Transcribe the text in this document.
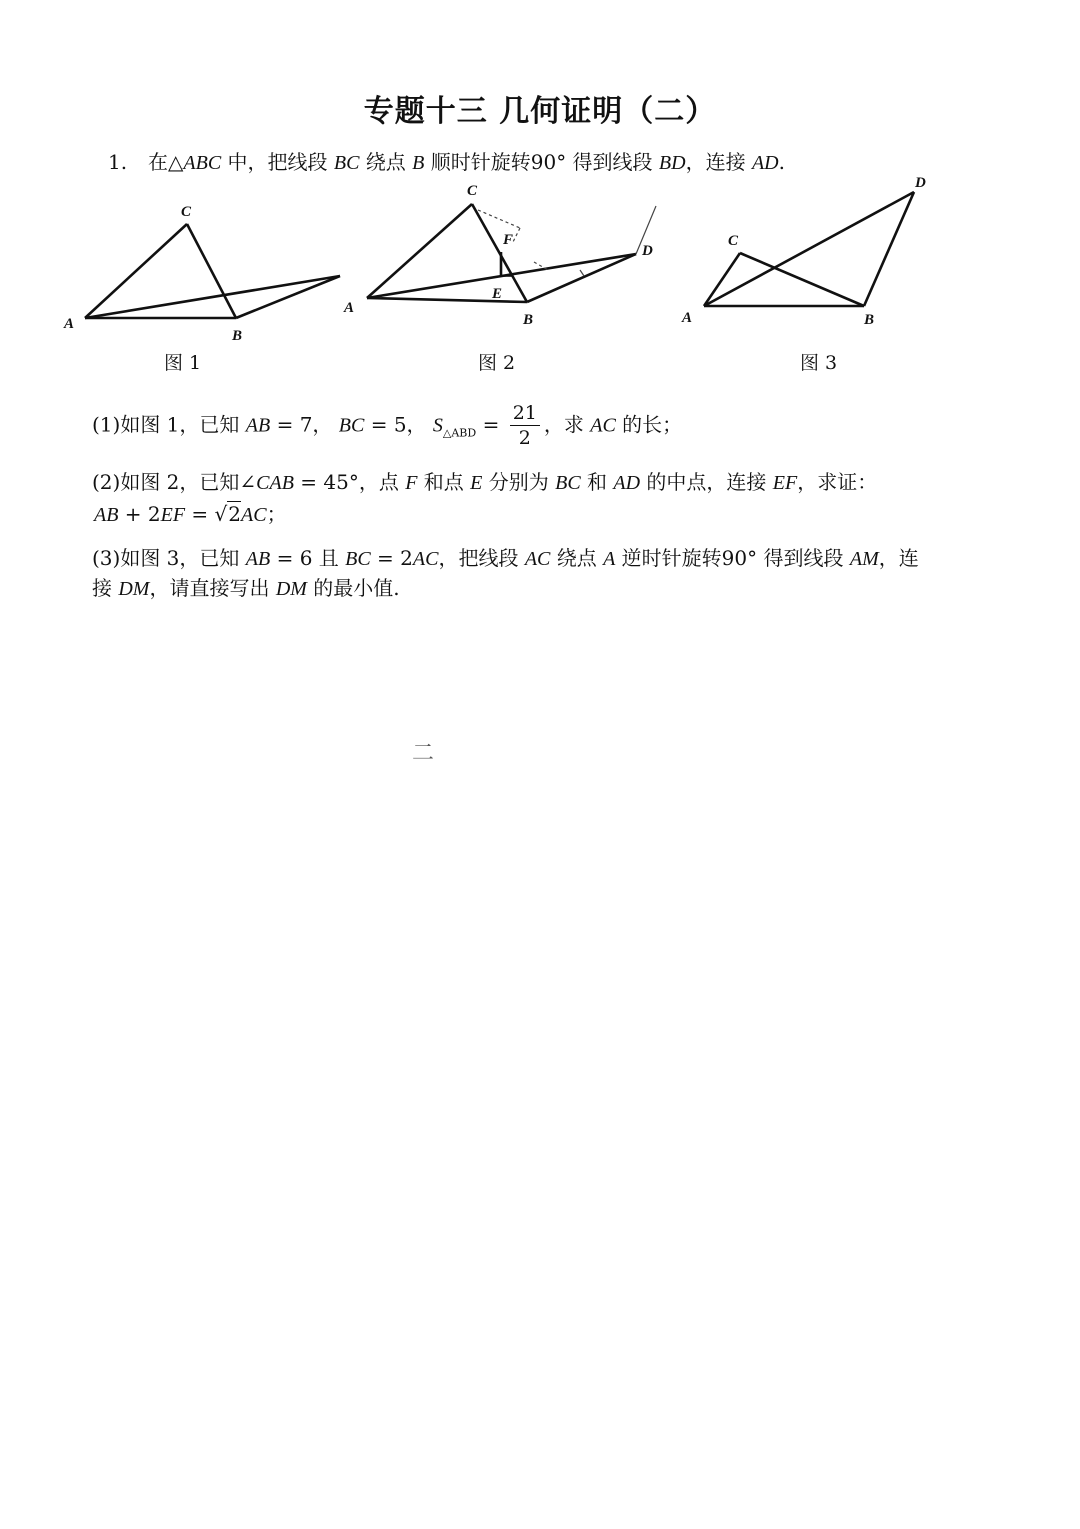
专题十三 几何证明（二）
1. 在△ABC 中，把线段 BC 绕点 B 顺时针旋转90° 得到线段 BD，连接 AD.
C
A
B
C
F
D
A
E
B
D
C
A	B
图 1	图 2	图 3
(1)如图 1，已知 AB = 7， BC = 5， $S_{\triangle ABD} = \frac{21}{2}$ ，求 AC 的长；
(2)如图 2，已知∠CAB = 45°，点 F 和点 E 分别为 BC 和 AD 的中点，连接 EF，求证：
AB + 2EF = √2AC；
(3)如图 3，已知 AB = 6 且 BC = 2AC，把线段 AC 绕点 A 逆时针旋转90° 得到线段 AM，连
接 DM，请直接写出 DM 的最小值.
二
